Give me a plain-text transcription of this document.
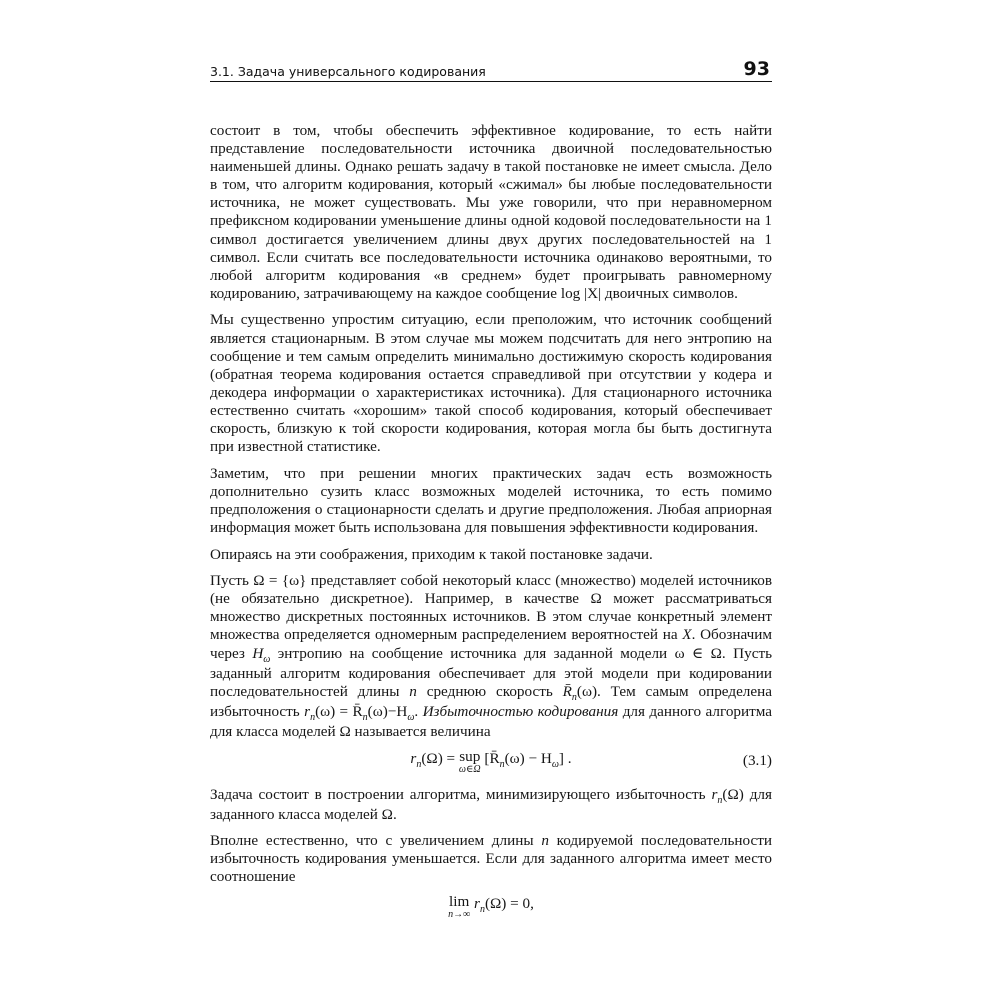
3.1. Задача универсального кодирования	93

состоит в том, чтобы обеспечить эффективное кодирование, то есть найти представление последовательности источника двоичной последовательностью наименьшей длины. Однако решать задачу в такой постановке не имеет смысла. Дело в том, что алгоритм кодирования, который «сжимал» бы любые последовательности источника, не может существовать. Мы уже говорили, что при неравномерном префиксном кодировании уменьшение длины одной кодовой последовательности на 1 символ достигается увеличением длины двух других последовательностей на 1 символ. Если считать все последовательности источника одинаково вероятными, то любой алгоритм кодирования «в среднем» будет проигрывать равномерному кодированию, затрачивающему на каждое сообщение log |X| двоичных символов.

Мы существенно упростим ситуацию, если преположим, что источник сообщений является стационарным. В этом случае мы можем подсчитать для него энтропию на сообщение и тем самым определить минимально достижимую скорость кодирования (обратная теорема кодирования остается справедливой при отсутствии у кодера и декодера информации о характеристиках источника). Для стационарного источника естественно считать «хорошим» такой способ кодирования, который обеспечивает скорость, близкую к той скорости кодирования, которая могла бы быть достигнута при известной статистике.

Заметим, что при решении многих практических задач есть возможность дополнительно сузить класс возможных моделей источника, то есть помимо предположения о стационарности сделать и другие предположения. Любая априорная информация может быть использована для повышения эффективности кодирования.

Опираясь на эти соображения, приходим к такой постановке задачи.

Пусть Ω = {ω} представляет собой некоторый класс (множество) моделей источников (не обязательно дискретное). Например, в качестве Ω может рассматриваться множество дискретных постоянных источников. В этом случае конкретный элемент множества определяется одномерным распределением вероятностей на X. Обозначим через $H_\omega$ энтропию на сообщение источника для заданной модели ω ∈ Ω. Пусть заданный алгоритм кодирования обеспечивает для этой модели при кодировании последовательностей длины n среднюю скорость $R̄_n(\omega)$. Тем самым определена избыточность $r_n(\omega)$ = $R̄_n(\omega)-H_\omega$. Избыточностью кодирования для данного алгоритма для класса моделей Ω называется величина

$r_n(\Omega)$ = sup
ω∈Ω
$[R̄_n(\omega) - H_\omega]$ .	(3.1)

Задача состоит в построении алгоритма, минимизирующего избыточность $r_n(\Omega)$ для заданного класса моделей Ω.

Вполне естественно, что с увеличением длины n кодируемой последовательности избыточность кодирования уменьшается. Если для заданного алгоритма имеет место соотношение

lim
n→∞
$r_n(\Omega) = 0$,
